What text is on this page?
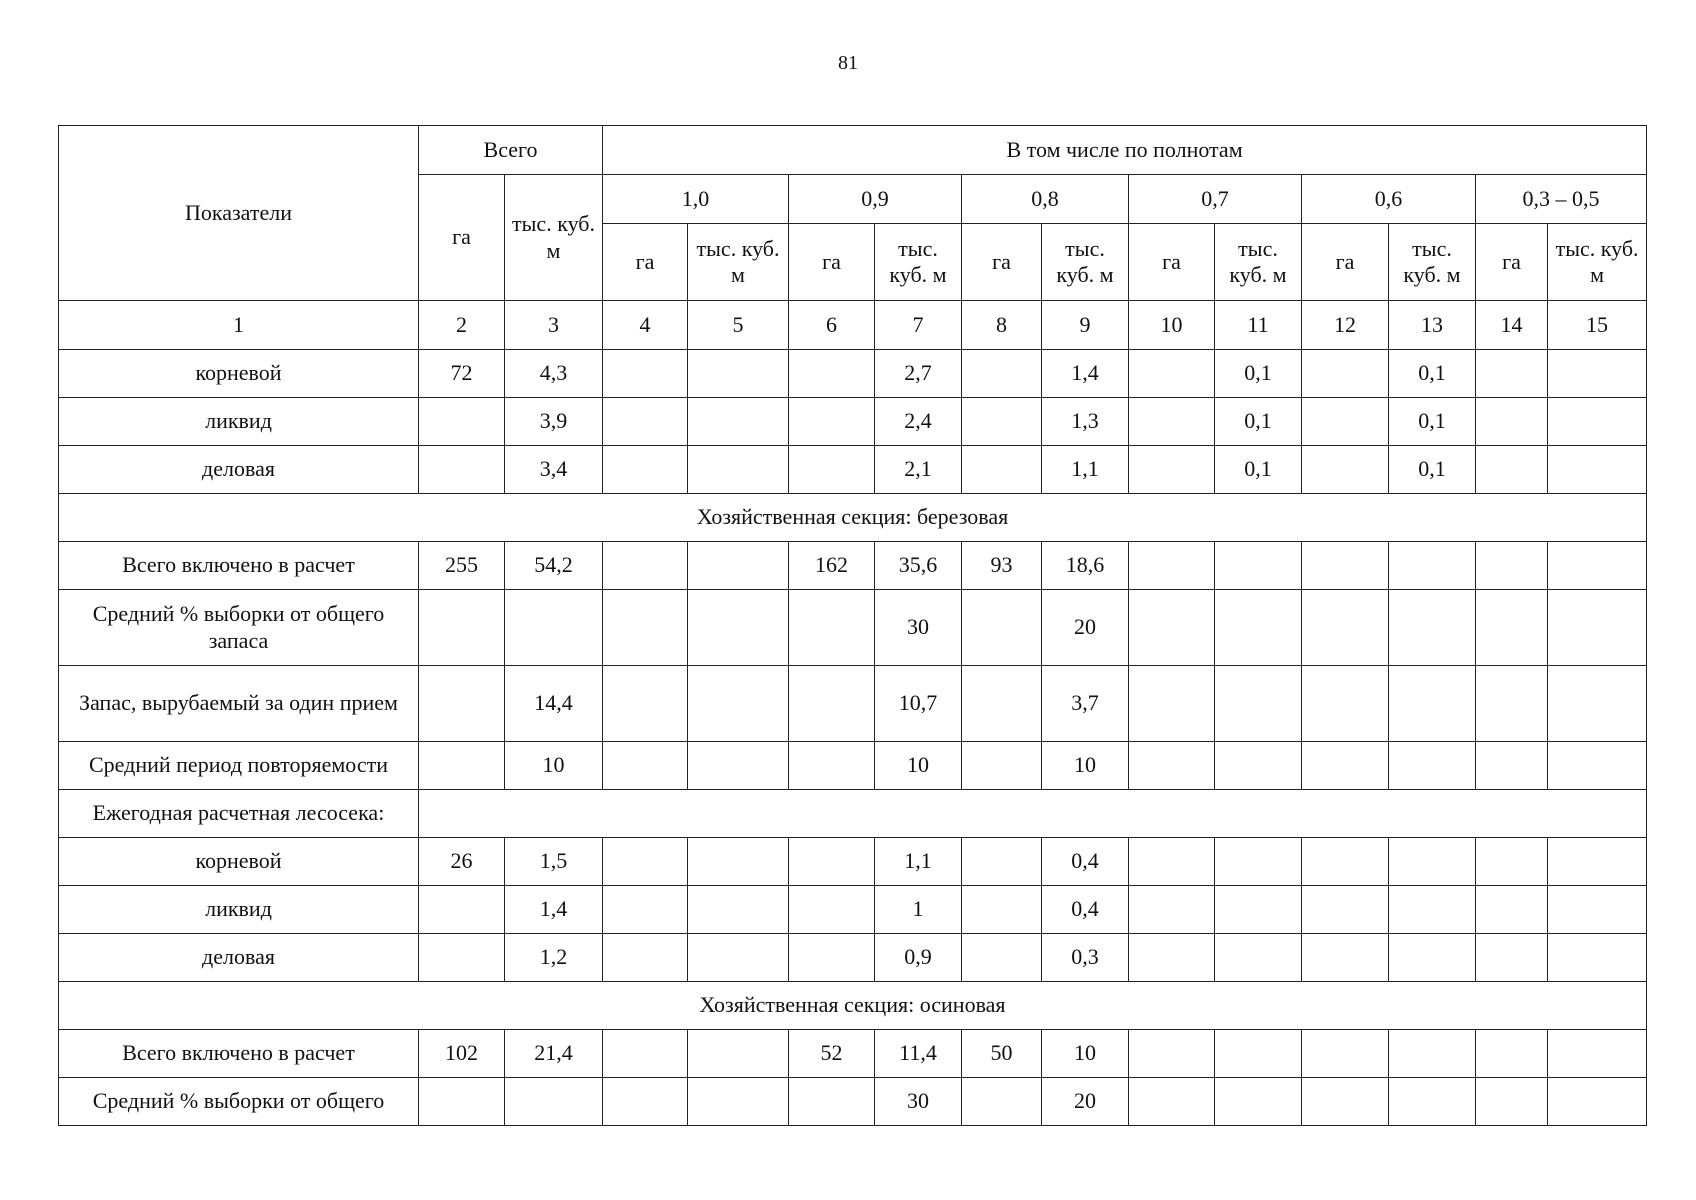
81
Показатели	Всего		В том числе по полнотам											
	га	тыс. куб. м	1,0		0,9		0,8		0,7		0,6		0,3 – 0,5	
			га	тыс. куб. м	га	тыс. куб. м	га	тыс. куб. м	га	тыс. куб. м	га	тыс. куб. м	га	тыс. куб. м
1	2	3	4	5	6	7	8	9	10	11	12	13	14	15
корневой	72	4,3				2,7		1,4		0,1		0,1		
ликвид		3,9				2,4		1,3		0,1		0,1		
деловая		3,4				2,1		1,1		0,1		0,1		
Хозяйственная секция: березовая														
Всего включено в расчет	255	54,2			162	35,6	93	18,6						
Средний % выборки от общего запаса						30		20						
Запас, вырубаемый за один прием		14,4				10,7		3,7						
Средний период повторяемости		10				10		10						
Ежегодная расчетная лесосека:														
корневой	26	1,5				1,1		0,4						
ликвид		1,4				1		0,4						
деловая		1,2				0,9		0,3						
Хозяйственная секция: осиновая														
Всего включено в расчет	102	21,4			52	11,4	50	10						
Средний % выборки от общего						30		20						
